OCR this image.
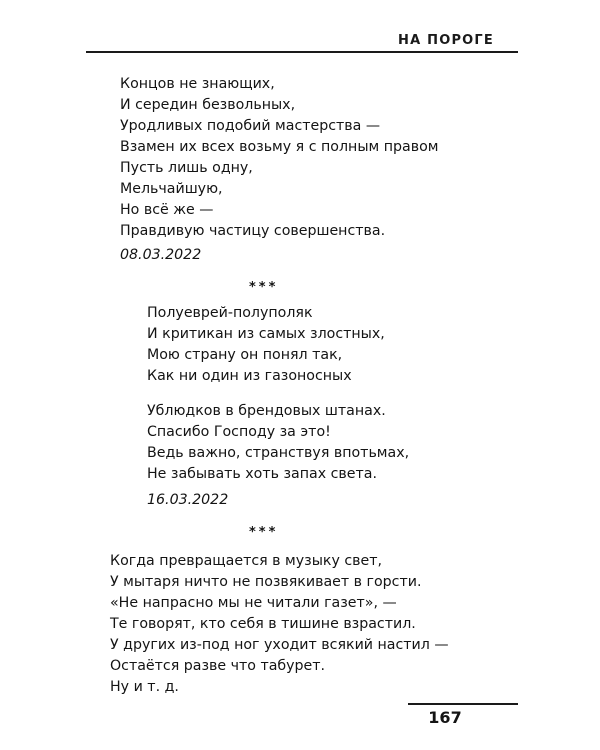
НА ПОРОГЕ
Концов не знающих,
И середин безвольных,
Уродливых подобий мастерства —
Взамен их всех возьму я с полным правом
Пусть лишь одну,
Мельчайшую,
Но всё же —
Правдивую частицу совершенства.
08.03.2022
***
Полуеврей-полуполяк
И критикан из самых злостных,
Мою страну он понял так,
Как ни один из газоносных
Ублюдков в брендовых штанах.
Спасибо Господу за это!
Ведь важно, странствуя впотьмах,
Не забывать хоть запах света.
16.03.2022
***
Когда превращается в музыку свет,
У мытаря ничто не позвякивает в горсти.
«Не напрасно мы не читали газет», —
Те говорят, кто себя в тишине взрастил.
У других из-под ног уходит всякий настил —
Остаётся разве что табурет.
Ну и т. д.
167
